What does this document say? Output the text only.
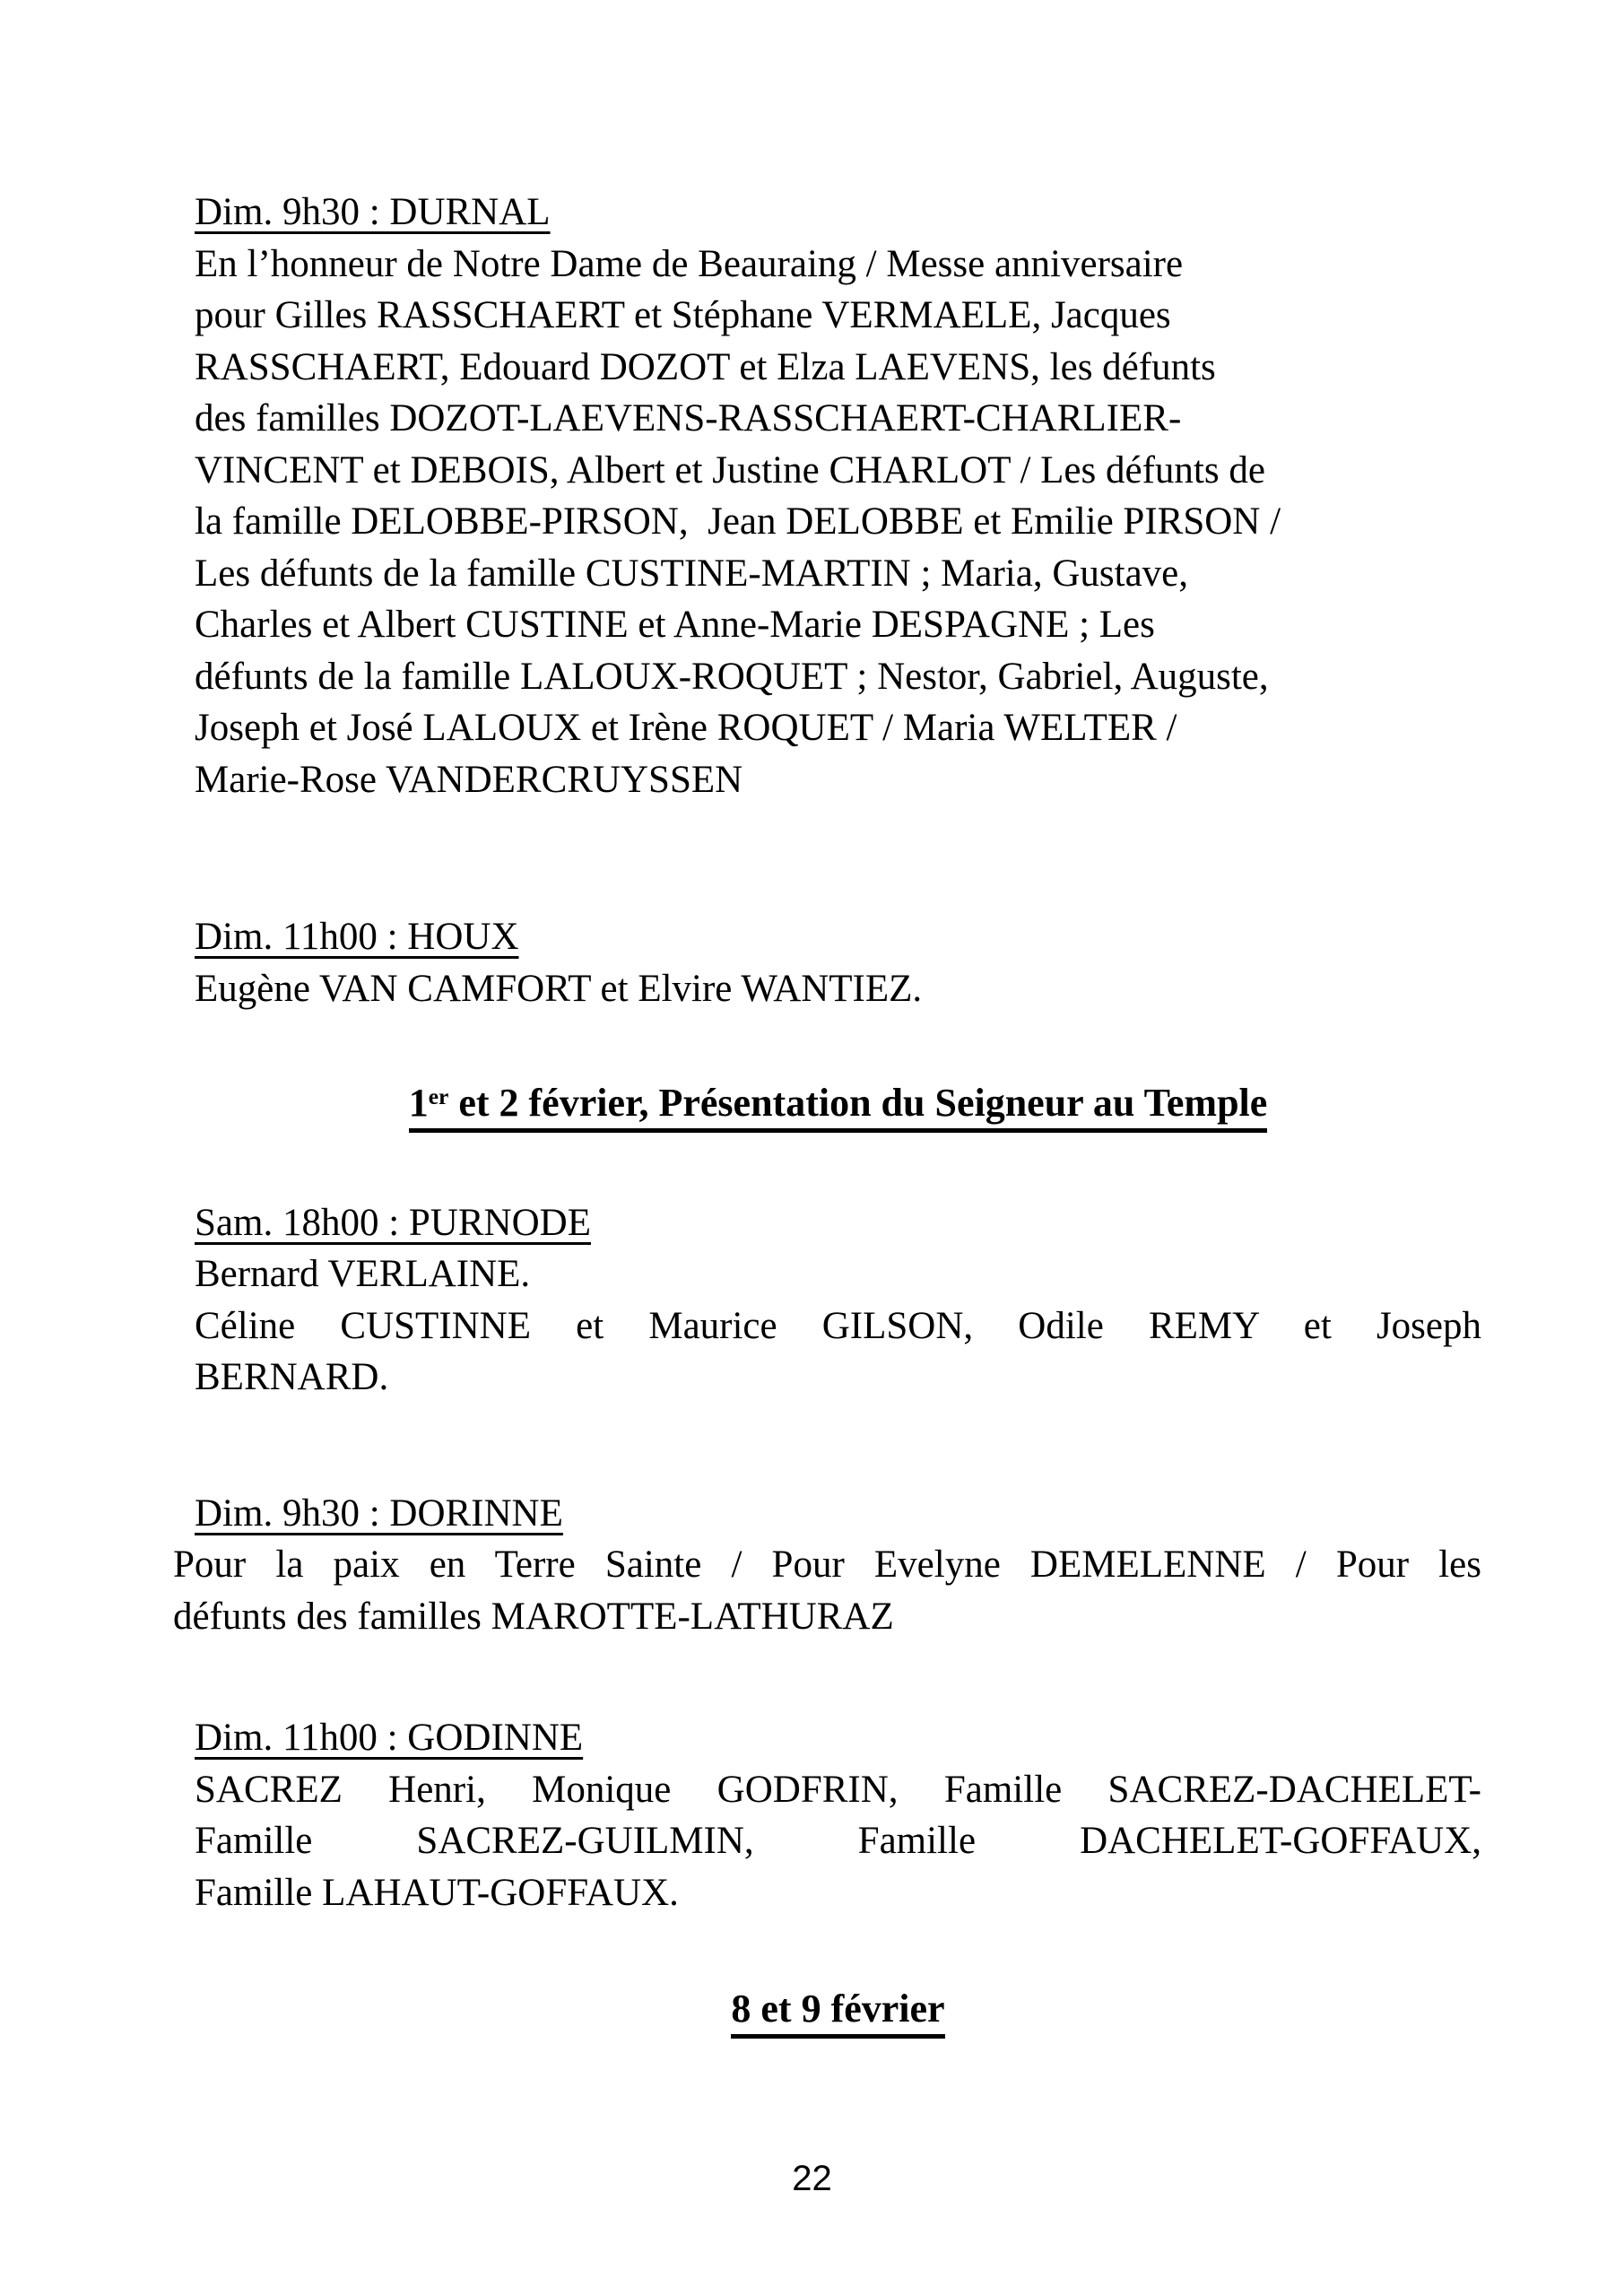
Dim. 9h30 : DURNAL
En l’honneur de Notre Dame de Beauraing / Messe anniversaire
pour Gilles RASSCHAERT et Stéphane VERMAELE, Jacques
RASSCHAERT, Edouard DOZOT et Elza LAEVENS, les défunts
des familles DOZOT-LAEVENS-RASSCHAERT-CHARLIER-
VINCENT et DEBOIS, Albert et Justine CHARLOT / Les défunts de
la famille DELOBBE-PIRSON,  Jean DELOBBE et Emilie PIRSON /
Les défunts de la famille CUSTINE-MARTIN ; Maria, Gustave,
Charles et Albert CUSTINE et Anne-Marie DESPAGNE ; Les
défunts de la famille LALOUX-ROQUET ; Nestor, Gabriel, Auguste,
Joseph et José LALOUX et Irène ROQUET / Maria WELTER /
Marie-Rose VANDERCRUYSSEN
Dim. 11h00 : HOUX
Eugène VAN CAMFORT et Elvire WANTIEZ.
1er et 2 février, Présentation du Seigneur au Temple
Sam. 18h00 : PURNODE
Bernard VERLAINE.
Céline CUSTINNE et Maurice GILSON, Odile REMY et Joseph
BERNARD.
Dim. 9h30 : DORINNE
Pour la paix en Terre Sainte / Pour Evelyne DEMELENNE / Pour les
défunts des familles MAROTTE-LATHURAZ
Dim. 11h00 : GODINNE
SACREZ Henri, Monique GODFRIN, Famille SACREZ-DACHELET-
Famille SACREZ-GUILMIN, Famille DACHELET-GOFFAUX,
Famille LAHAUT-GOFFAUX.
8 et 9 février
22
